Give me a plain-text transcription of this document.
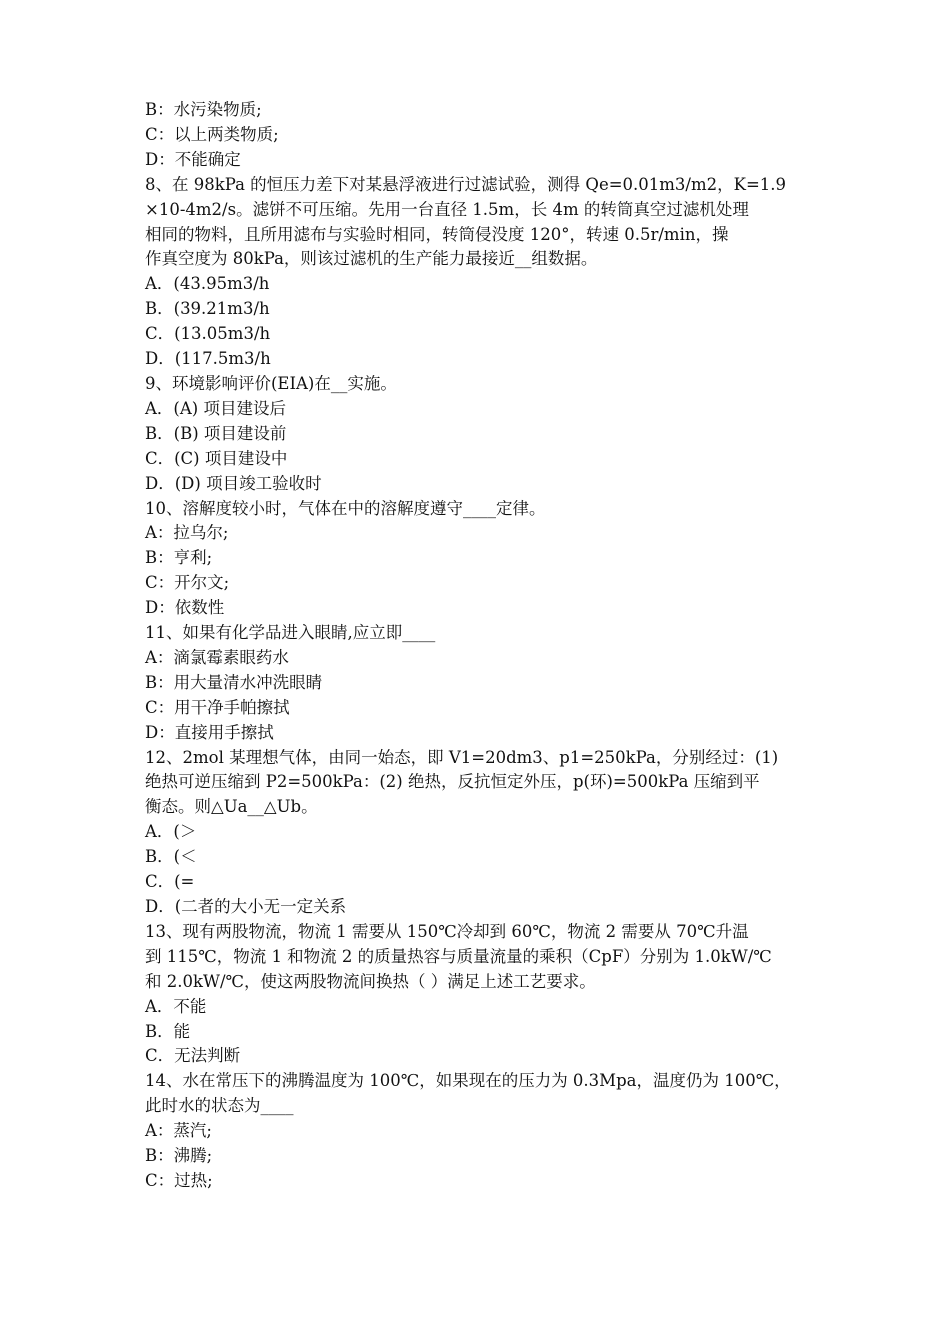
B：水污染物质;
C：以上两类物质;
D：不能确定
8、在 98kPa 的恒压力差下对某悬浮液进行过滤试验，测得 Qe=0.01m3/m2，K=1.9
×10-4m2/s。滤饼不可压缩。先用一台直径 1.5m，长 4m 的转筒真空过滤机处理
相同的物料，且所用滤布与实验时相同，转筒侵没度 120°，转速 0.5r/min，操
作真空度为 80kPa，则该过滤机的生产能力最接近__组数据。
A．(43.95m3/h
B．(39.21m3/h
C．(13.05m3/h
D．(117.5m3/h
9、环境影响评价(EIA)在__实施。
A．(A) 项目建设后
B．(B) 项目建设前
C．(C) 项目建设中
D．(D) 项目竣工验收时
10、溶解度较小时，气体在中的溶解度遵守____定律。
A：拉乌尔;
B：亨利;
C：开尔文;
D：依数性
11、如果有化学品进入眼睛,应立即____
A：滴氯霉素眼药水
B：用大量清水冲洗眼睛
C：用干净手帕擦拭
D：直接用手擦拭
12、2mol 某理想气体，由同一始态，即 V1=20dm3、p1=250kPa，分别经过：(1)
绝热可逆压缩到 P2=500kPa：(2) 绝热，反抗恒定外压，p(环)=500kPa 压缩到平
衡态。则△Ua__△Ub。
A．(＞
B．(＜
C．(=
D．(二者的大小无一定关系
13、现有两股物流，物流 1 需要从 150℃冷却到 60℃，物流 2 需要从 70℃升温
到 115℃，物流 1 和物流 2 的质量热容与质量流量的乘积（CpF）分别为 1.0kW/℃
和 2.0kW/℃，使这两股物流间换热（ ）满足上述工艺要求。
A．不能
B．能
C．无法判断
14、水在常压下的沸腾温度为 100℃，如果现在的压力为 0.3Mpa，温度仍为 100℃，
此时水的状态为____
A：蒸汽;
B：沸腾;
C：过热;
